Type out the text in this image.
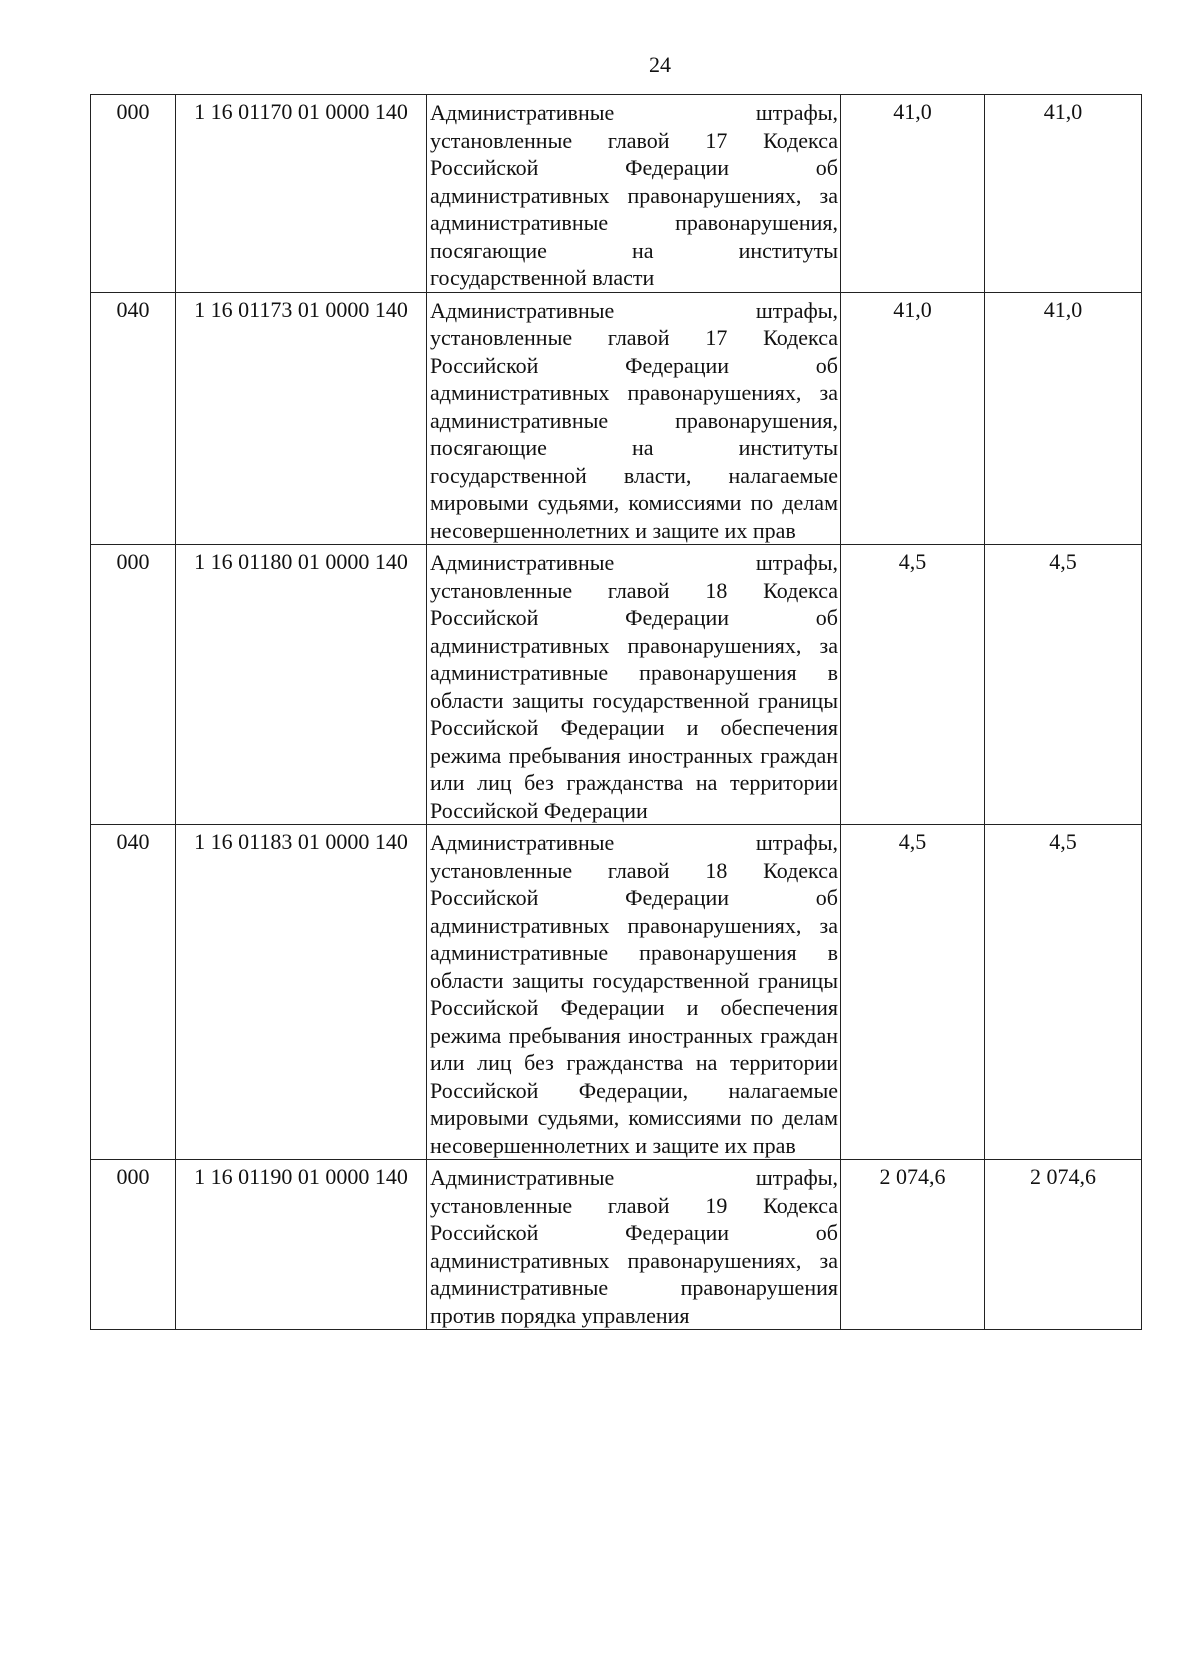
24
000	1 16 01170 01 0000 140	Административные штрафы, установленные главой 17 Кодекса Российской Федерации об административных правонарушениях, за административные правонарушения, посягающие на институты государственной власти	41,0	41,0
040	1 16 01173 01 0000 140	Административные штрафы, установленные главой 17 Кодекса Российской Федерации об административных правонарушениях, за административные правонарушения, посягающие на институты государственной власти, налагаемые мировыми судьями, комиссиями по делам несовершеннолетних и защите их прав	41,0	41,0
000	1 16 01180 01 0000 140	Административные штрафы, установленные главой 18 Кодекса Российской Федерации об административных правонарушениях, за административные правонарушения в области защиты государственной границы Российской Федерации и обеспечения режима пребывания иностранных граждан или лиц без гражданства на территории Российской Федерации	4,5	4,5
040	1 16 01183 01 0000 140	Административные штрафы, установленные главой 18 Кодекса Российской Федерации об административных правонарушениях, за административные правонарушения в области защиты государственной границы Российской Федерации и обеспечения режима пребывания иностранных граждан или лиц без гражданства на территории Российской Федерации, налагаемые мировыми судьями, комиссиями по делам несовершеннолетних и защите их прав	4,5	4,5
000	1 16 01190 01 0000 140	Административные штрафы, установленные главой 19 Кодекса Российской Федерации об административных правонарушениях, за административные правонарушения против порядка управления	2 074,6	2 074,6
